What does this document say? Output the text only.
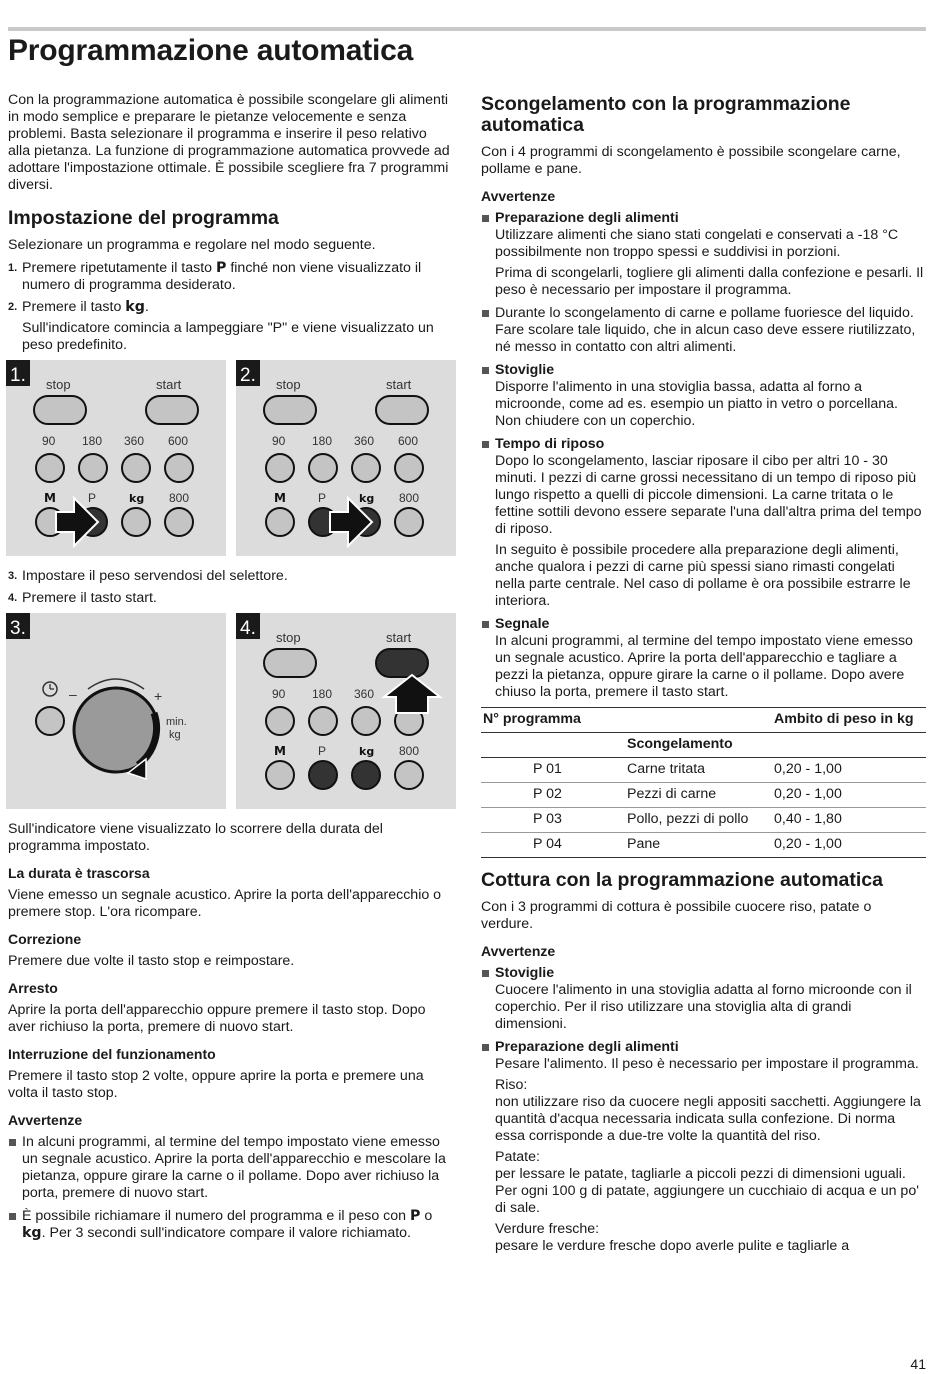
Programmazione automatica

Con la programmazione automatica è possibile scongelare gli alimenti in modo semplice e preparare le pietanze velocemente e senza problemi. Basta selezionare il programma e inserire il peso relativo alla pietanza. La funzione di programmazione automatica provvede ad adottare l'impostazione ottimale. È possibile scegliere fra 7 programmi diversi.

Impostazione del programma

Selezionare un programma e regolare nel modo seguente.

1. Premere ripetutamente il tasto P finché non viene visualizzato il numero di programma desiderato.
2. Premere il tasto kg.
Sull'indicatore comincia a lampeggiare "P" e viene visualizzato un peso predefinito.
1. stop	start
90 180 360 600
M	P	kg 800
2. stop	start
90 180 360 600
M	P	kg 800
3. Impostare il peso servendosi del selettore.
4. Premere il tasto start.
3.
–	+
min.
kg
4. stop	start
90 180 360
M	P	kg 800

Sull'indicatore viene visualizzato lo scorrere della durata del programma impostato.

La durata è trascorsa

Viene emesso un segnale acustico. Aprire la porta dell'apparecchio o premere stop. L'ora ricompare.

Correzione

Premere due volte il tasto stop e reimpostare.

Arresto

Aprire la porta dell'apparecchio oppure premere il tasto stop. Dopo aver richiuso la porta, premere di nuovo start.

Interruzione del funzionamento

Premere il tasto stop 2 volte, oppure aprire la porta e premere una volta il tasto stop.

Avvertenze
In alcuni programmi, al termine del tempo impostato viene emesso un segnale acustico. Aprire la porta dell'apparecchio e mescolare la pietanza, oppure girare la carne o il pollame. Dopo aver richiuso la porta, premere di nuovo start.
È possibile richiamare il numero del programma e il peso con P o kg. Per 3 secondi sull'indicatore compare il valore richiamato.
Scongelamento con la programmazione automatica

Con i 4 programmi di scongelamento è possibile scongelare carne, pollame e pane.

Avvertenze
Preparazione degli alimenti
Utilizzare alimenti che siano stati congelati e conservati a -18 °C possibilmente non troppo spessi e suddivisi in porzioni.
Prima di scongelarli, togliere gli alimenti dalla confezione e pesarli. Il peso è necessario per impostare il programma.
Durante lo scongelamento di carne e pollame fuoriesce del liquido. Fare scolare tale liquido, che in alcun caso deve essere riutilizzato, né messo in contatto con altri alimenti.
Stoviglie
Disporre l'alimento in una stoviglia bassa, adatta al forno a microonde, come ad es. esempio un piatto in vetro o porcellana. Non chiudere con un coperchio.
Tempo di riposo
Dopo lo scongelamento, lasciar riposare il cibo per altri 10 - 30 minuti. I pezzi di carne grossi necessitano di un tempo di riposo più lungo rispetto a quelli di piccole dimensioni. La carne tritata o le fettine sottili devono essere separate l'una dall'altra prima del tempo di riposo.
In seguito è possibile procedere alla preparazione degli alimenti, anche qualora i pezzi di carne più spessi siano rimasti congelati nella parte centrale. Nel caso di pollame è ora possibile estrarre le interiora.
Segnale
In alcuni programmi, al termine del tempo impostato viene emesso un segnale acustico. Aprire la porta dell'apparecchio e tagliare a pezzi la pietanza, oppure girare la carne o il pollame. Dopo avere chiuso la porta, premere il tasto start.
N° programma		Ambito di peso in kg
	Scongelamento	
P 01	Carne tritata	0,20 - 1,00
P 02	Pezzi di carne	0,20 - 1,00
P 03	Pollo, pezzi di pollo	0,40 - 1,80
P 04	Pane	0,20 - 1,00
Cottura con la programmazione automatica

Con i 3 programmi di cottura è possibile cuocere riso, patate o verdure.

Avvertenze
Stoviglie
Cuocere l'alimento in una stoviglia adatta al forno microonde con il coperchio. Per il riso utilizzare una stoviglia alta di grandi dimensioni.
Preparazione degli alimenti
Pesare l'alimento. Il peso è necessario per impostare il programma.
Riso:
non utilizzare riso da cuocere negli appositi sacchetti. Aggiungere la quantità d'acqua necessaria indicata sulla confezione. Di norma essa corrisponde a due-tre volte la quantità del riso.
Patate:
per lessare le patate, tagliarle a piccoli pezzi di dimensioni uguali. Per ogni 100 g di patate, aggiungere un cucchiaio di acqua e un po' di sale.
Verdure fresche:
pesare le verdure fresche dopo averle pulite e tagliarle a
41
